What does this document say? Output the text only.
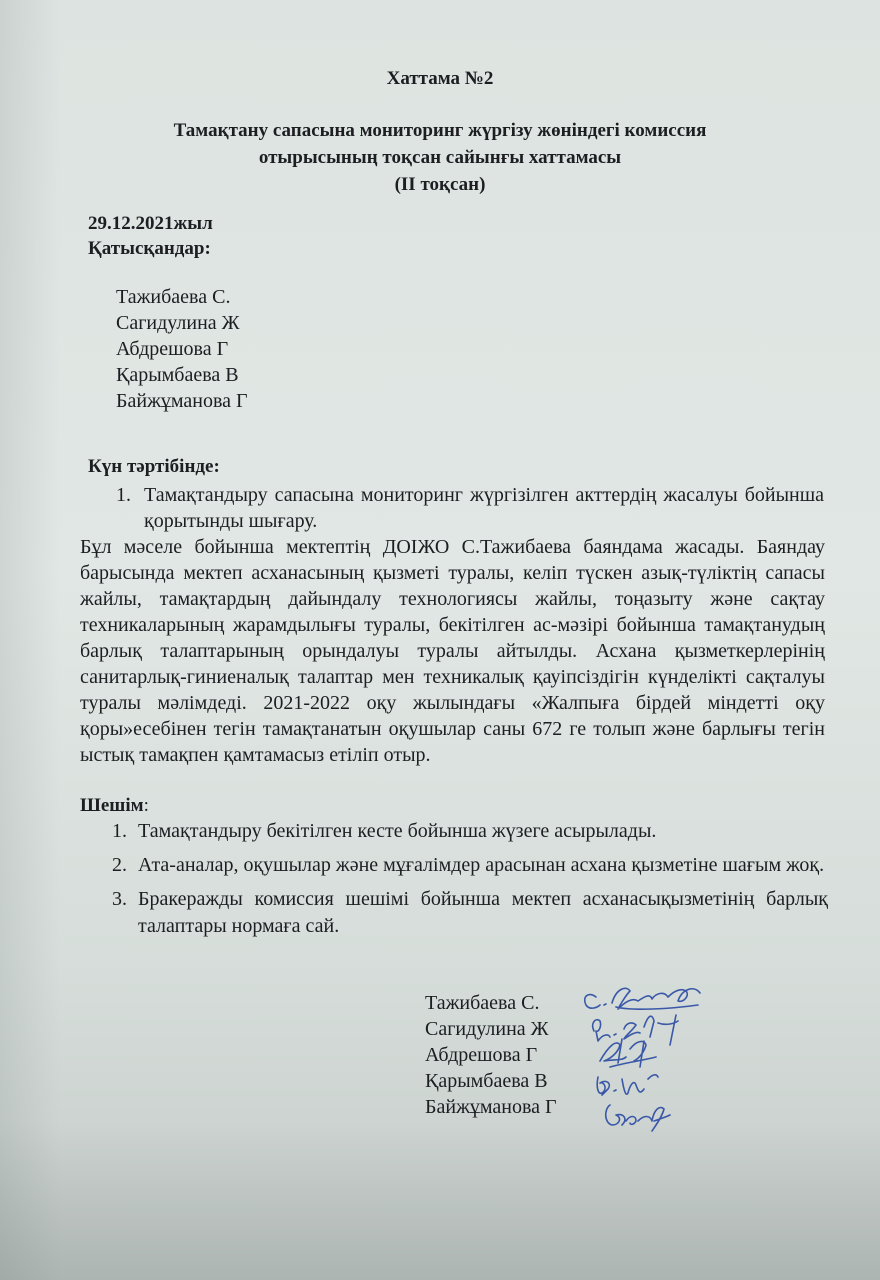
Хаттама №2
Тамақтану сапасына мониторинг жүргізу жөніндегі комиссия
отырысының тоқсан сайынғы хаттамасы
(ІІ тоқсан)
29.12.2021жыл
Қатысқандар:
Тажибаева С.
Сагидулина Ж
Абдрешова Г
Қарымбаева В
Байжұманова Г
Күн тәртібінде:
1. Тамақтандыру сапасына мониторинг жүргізілген акттердің жасалуы бойынша қорытынды шығару.
Бұл мәселе бойынша мектептің ДОІЖО С.Тажибаева баяндама жасады. Баяндау барысында мектеп асханасының қызметі туралы, келіп түскен азық-түліктің сапасы жайлы, тамақтардың дайындалу технологиясы жайлы, тоңазыту және сақтау техникаларының жарамдылығы туралы, бекітілген ас-мәзірі бойынша тамақтанудың барлық талаптарының орындалуы туралы айтылды. Асхана қызметкерлерінің санитарлық-гиниеналық талаптар мен техникалық қауіпсіздігін күнделікті сақталуы туралы мәлімдеді. 2021-2022 оқу жылындағы «Жалпыға бірдей міндетті оқу қоры»есебінен тегін тамақтанатын оқушылар саны 672 ге толып және барлығы тегін ыстық тамақпен қамтамасыз етіліп отыр.
Шешім:
1. Тамақтандыру бекітілген кесте бойынша жүзеге асырылады.
2. Ата-аналар, оқушылар және мұғалімдер арасынан асхана қызметіне шағым жоқ.
3. Бракеражды комиссия шешімі бойынша мектеп асханасықызметінің барлық талаптары нормаға сай.
Тажибаева С.
Сагидулина Ж
Абдрешова Г
Қарымбаева В
Байжұманова Г
